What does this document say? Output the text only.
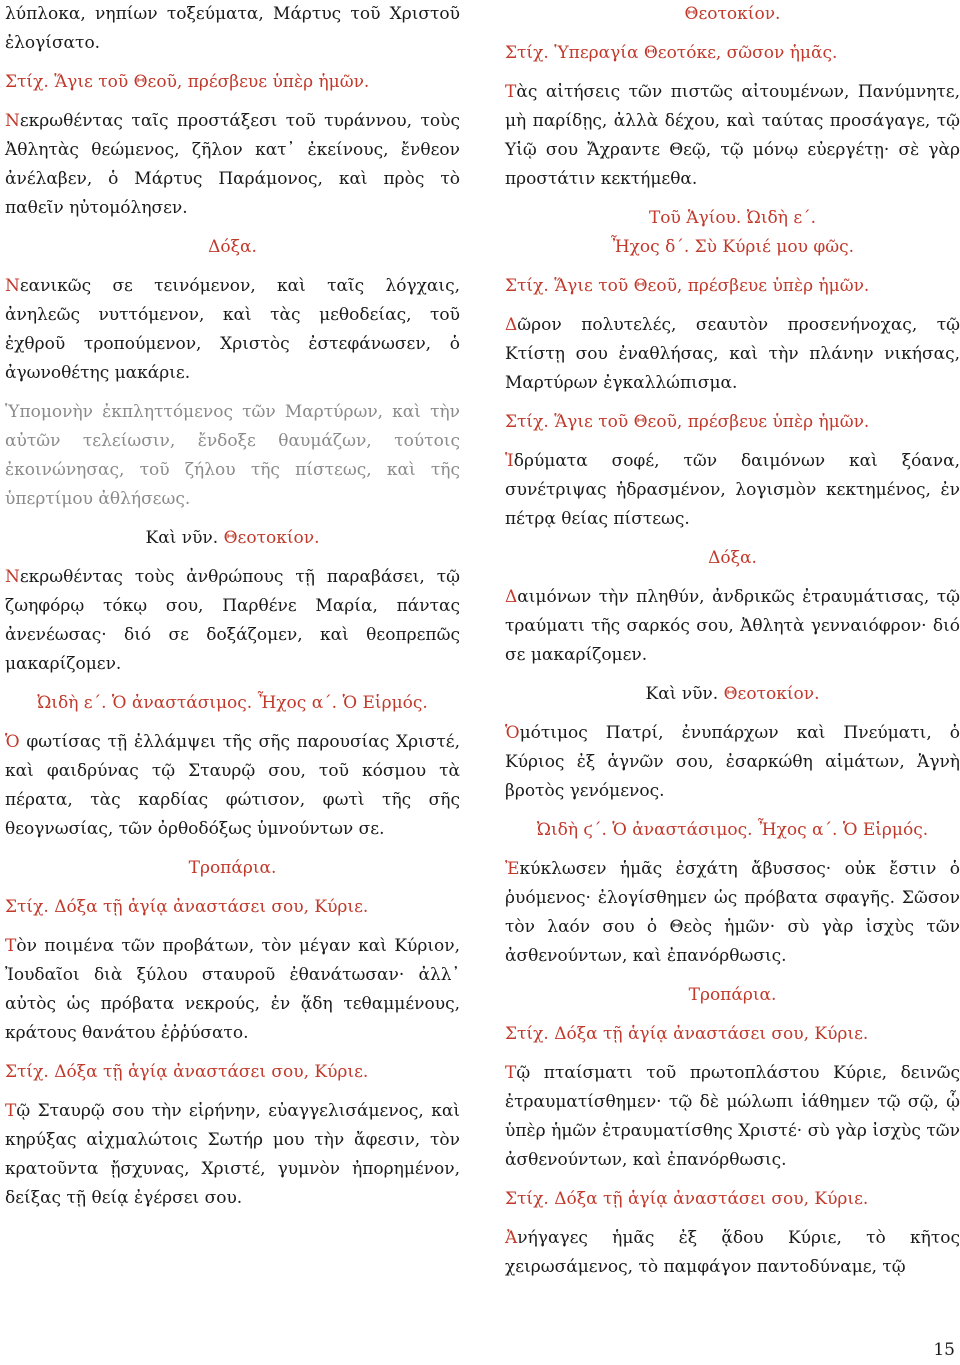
λύπλοκα, νηπίων τοξεύματα, Μάρτυς τοῦ Χριστοῦ ἐλογίσατο.

Στίχ. Ἅγιε τοῦ Θεοῦ, πρέσβευε ὑπὲρ ἡμῶν.

Νεκρωθέντας ταῖς προστάξεσι τοῦ τυράννου, τοὺς Ἀθλητὰς θεώμενος, ζῆλον κατ᾽ ἐκείνους, ἔνθεον ἀνέλαβεν, ὁ Μάρτυς Παράμονος, καὶ πρὸς τὸ παθεῖν ηὐτομόλησεν.

Δόξα.

Νεανικῶς σε τεινόμενον, καὶ ταῖς λόγχαις, ἀνηλεῶς νυττόμενον, καὶ τὰς μεθοδείας, τοῦ ἐχθροῦ τροπούμενον, Χριστὸς ἐστεφάνωσεν, ὁ ἀγωνοθέτης μακάριε.

Ὑπομονὴν ἐκπληττόμενος τῶν Μαρτύρων, καὶ τὴν αὐτῶν τελείωσιν, ἔνδοξε θαυμάζων, τούτοις ἐκοινώνησας, τοῦ ζήλου τῆς πίστεως, καὶ τῆς ὑπερτίμου ἀθλήσεως.

Καὶ νῦν. Θεοτοκίον.

Νεκρωθέντας τοὺς ἀνθρώπους τῇ παραβάσει, τῷ ζωηφόρῳ τόκῳ σου, Παρθένε Μαρία, πάντας ἀνενέωσας· διό σε δοξάζομεν, καὶ θεοπρεπῶς μακαρίζομεν.

Ὠιδὴ ε´. Ὁ ἀναστάσιμος. Ἦχος α´. Ὁ Εἱρμός.

Ὁ φωτίσας τῇ ἐλλάμψει τῆς σῆς παρουσίας Χριστέ, καὶ φαιδρύνας τῷ Σταυρῷ σου, τοῦ κόσμου τὰ πέρατα, τὰς καρδίας φώτισον, φωτὶ τῆς σῆς θεογνωσίας, τῶν ὀρθοδόξως ὑμνούντων σε.

Τροπάρια.

Στίχ. Δόξα τῇ ἁγίᾳ ἀναστάσει σου, Κύριε.

Τὸν ποιμένα τῶν προβάτων, τὸν μέγαν καὶ Κύριον, Ἰουδαῖοι διὰ ξύλου σταυροῦ ἐθανάτωσαν· ἀλλ᾽ αὐτὸς ὡς πρόβατα νεκρούς, ἐν ᾅδη τεθαμμένους, κράτους θανάτου ἐῤῥύσατο.

Στίχ. Δόξα τῇ ἁγίᾳ ἀναστάσει σου, Κύριε.

Τῷ Σταυρῷ σου τὴν εἰρήνην, εὐαγγελισάμενος, καὶ κηρύξας αἰχμαλώτοις Σωτήρ μου τὴν ἄφεσιν, τὸν κρατοῦντα ᾔσχυνας, Χριστέ, γυμνὸν ἠπορημένον, δείξας τῇ θείᾳ ἐγέρσει σου.

Θεοτοκίον.

Στίχ. Ὑπεραγία Θεοτόκε, σῶσον ἡμᾶς.

Τὰς αἰτήσεις τῶν πιστῶς αἰτουμένων, Πανύμνητε, μὴ παρίδῃς, ἀλλὰ δέχου, καὶ ταύτας προσάγαγε, τῷ Υἱῷ σου Ἄχραντε Θεῷ, τῷ μόνῳ εὐεργέτῃ· σὲ γὰρ προστάτιν κεκτήμεθα.

Τοῦ Ἁγίου. Ὠιδὴ ε´.
Ἦχος δ´. Σὺ Κύριέ μου φῶς.

Στίχ. Ἅγιε τοῦ Θεοῦ, πρέσβευε ὑπὲρ ἡμῶν.

Δῶρον πολυτελές, σεαυτὸν προσενήνοχας, τῷ Κτίστῃ σου ἐναθλήσας, καὶ τὴν πλάνην νικήσας, Μαρτύρων ἐγκαλλώπισμα.

Στίχ. Ἅγιε τοῦ Θεοῦ, πρέσβευε ὑπὲρ ἡμῶν.

Ἱδρύματα σοφέ, τῶν δαιμόνων καὶ ξόανα, συνέτριψας ἡδρασμένον, λογισμὸν κεκτημένος, ἐν πέτρᾳ θείας πίστεως.

Δόξα.

Δαιμόνων τὴν πληθύν, ἀνδρικῶς ἐτραυμάτισας, τῷ τραύματι τῆς σαρκός σου, Ἀθλητὰ γενναιόφρον· διό σε μακαρίζομεν.

Καὶ νῦν. Θεοτοκίον.

Ὁμότιμος Πατρί, ἐνυπάρχων καὶ Πνεύματι, ὁ Κύριος ἐξ ἁγνῶν σου, ἐσαρκώθη αἱμάτων, Ἁγνὴ βροτὸς γενόμενος.

Ὠιδὴ ϛ´. Ὁ ἀναστάσιμος. Ἦχος α´. Ὁ Εἱρμός.

Ἐκύκλωσεν ἡμᾶς ἐσχάτη ἄβυσσος· οὐκ ἔστιν ὁ ῥυόμενος· ἐλογίσθημεν ὡς πρόβατα σφαγῆς. Σῶσον τὸν λαόν σου ὁ Θεὸς ἡμῶν· σὺ γὰρ ἰσχὺς τῶν ἀσθενούντων, καὶ ἐπανόρθωσις.

Τροπάρια.

Στίχ. Δόξα τῇ ἁγίᾳ ἀναστάσει σου, Κύριε.

Τῷ πταίσματι τοῦ πρωτοπλάστου Κύριε, δεινῶς ἐτραυματίσθημεν· τῷ δὲ μώλωπι ἰάθημεν τῷ σῷ, ᾧ ὑπὲρ ἡμῶν ἐτραυματίσθης Χριστέ· σὺ γὰρ ἰσχὺς τῶν ἀσθενούντων, καὶ ἐπανόρθωσις.

Στίχ. Δόξα τῇ ἁγίᾳ ἀναστάσει σου, Κύριε.

Ἀνήγαγες ἡμᾶς ἐξ ᾅδου Κύριε, τὸ κῆτος χειρωσάμενος, τὸ παμφάγον παντοδύναμε, τῷ

15
